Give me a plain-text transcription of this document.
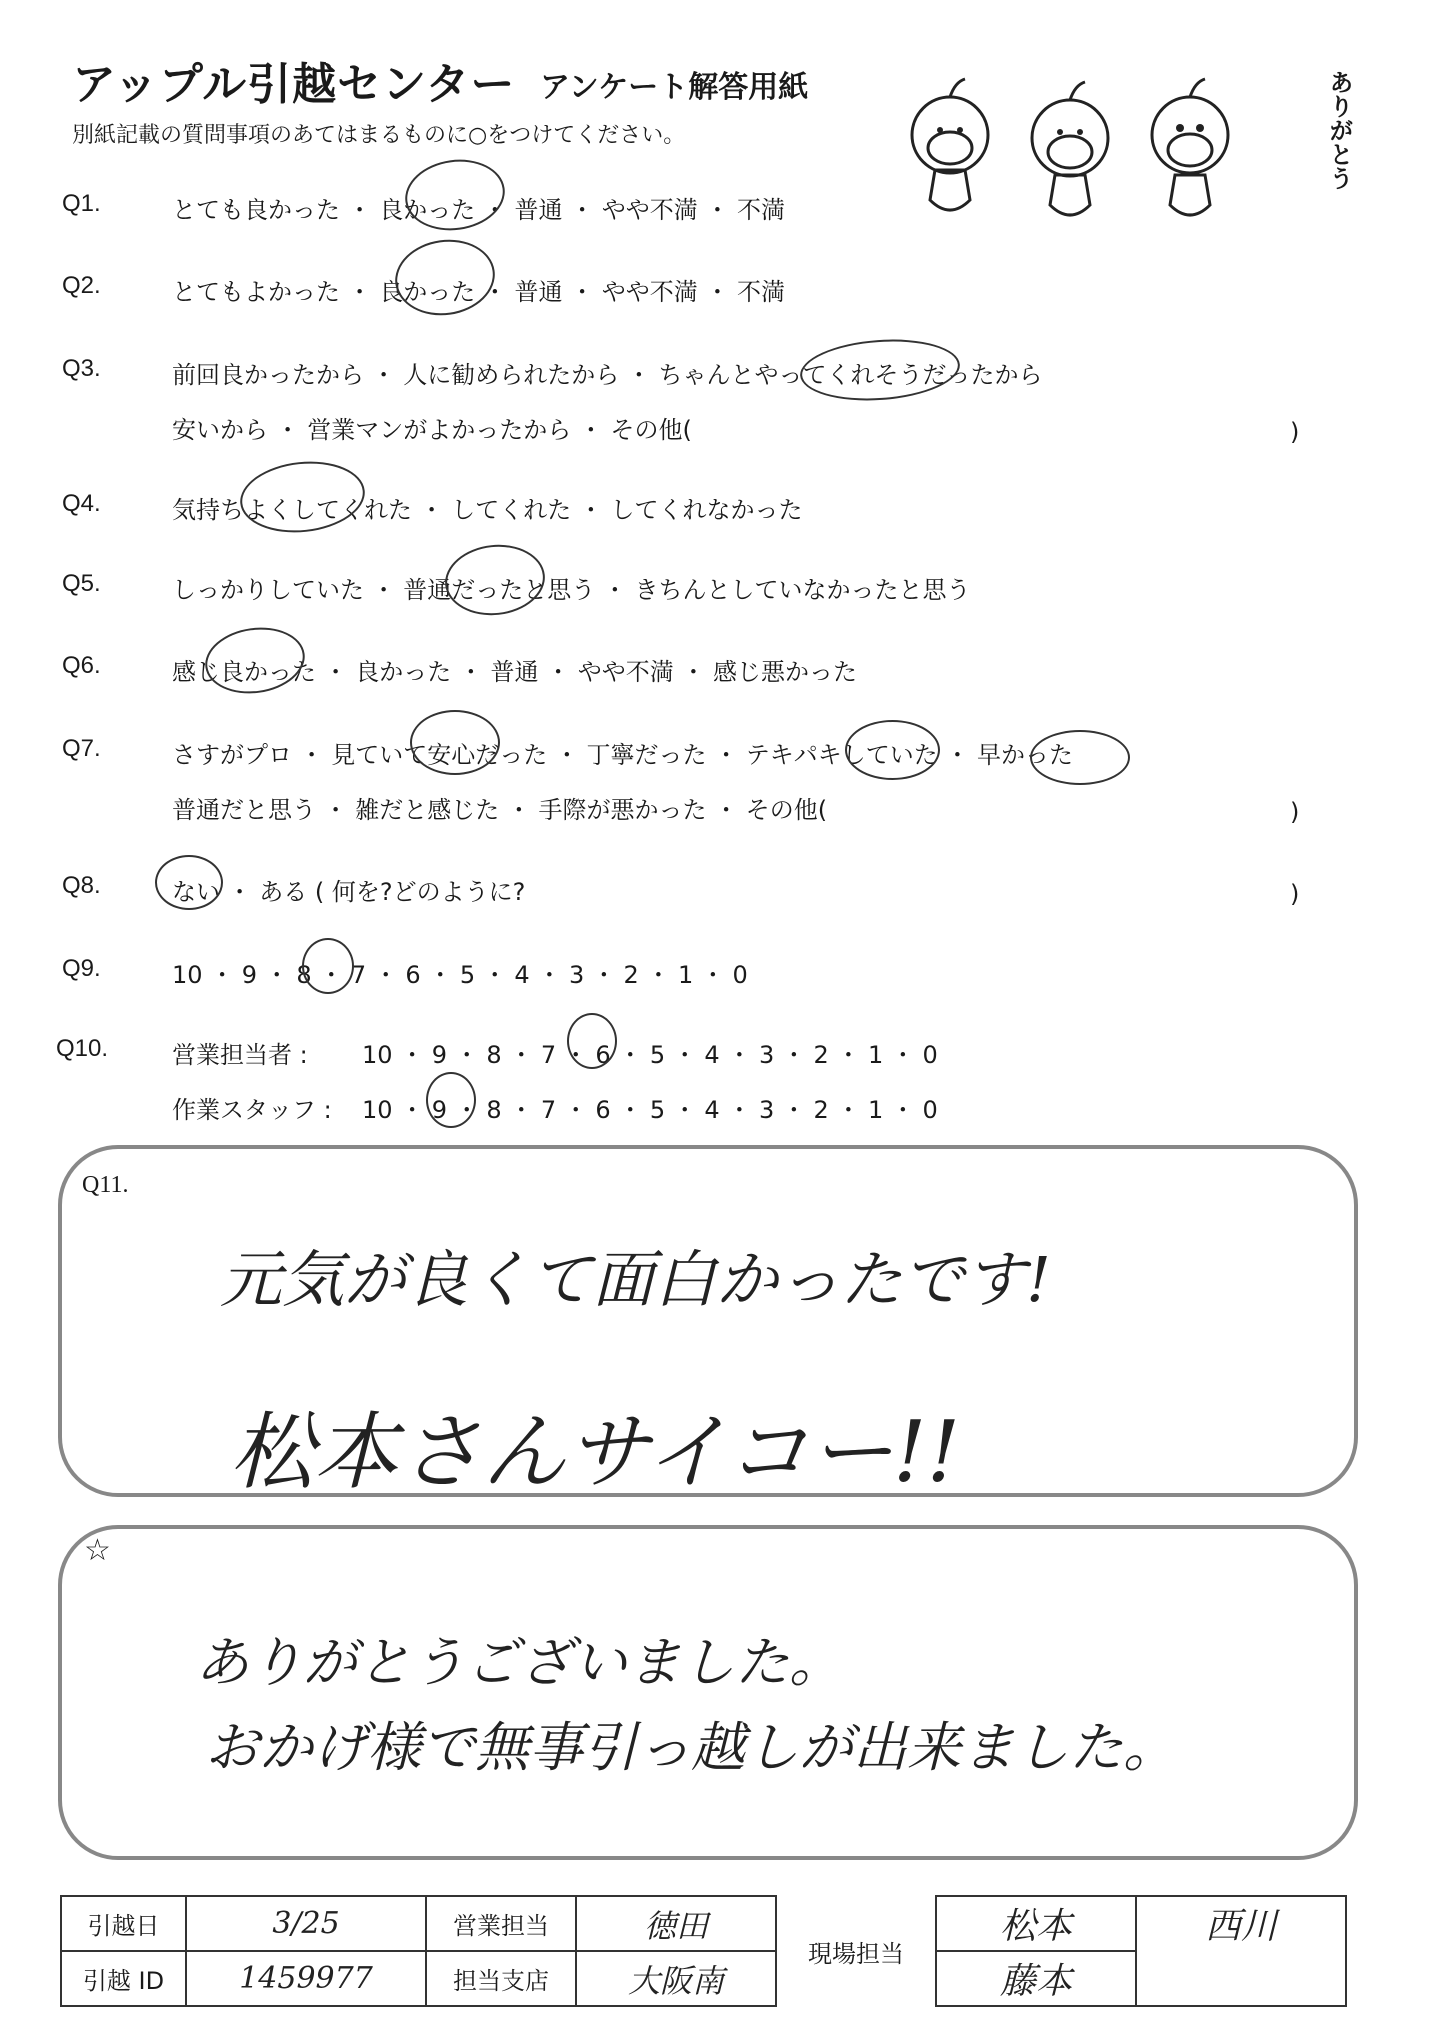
アップル引越センター アンケート解答用紙
別紙記載の質問事項のあてはまるものに○をつけてください。	ありがとう
Q1.	とても良かった ・ 良かった ・ 普通 ・ やや不満 ・ 不満
Q2.	とてもよかった ・ 良かった ・ 普通 ・ やや不満 ・ 不満
Q3.	前回良かったから ・ 人に勧められたから ・ ちゃんとやってくれそうだったから
安いから ・ 営業マンがよかったから ・ その他(	)
Q4.	気持ちよくしてくれた ・ してくれた ・ してくれなかった
Q5.	しっかりしていた ・ 普通だったと思う ・ きちんとしていなかったと思う
Q6.	感じ良かった ・ 良かった ・ 普通 ・ やや不満 ・ 感じ悪かった
Q7.	さすがプロ ・ 見ていて安心だった ・ 丁寧だった ・ テキパキしていた ・ 早かった
普通だと思う ・ 雑だと感じた ・ 手際が悪かった ・ その他(	)
Q8.	ない ・ ある ( 何を?どのように?	)
Q9.	10 ・ 9 ・ 8 ・ 7 ・ 6 ・ 5 ・ 4 ・ 3 ・ 2 ・ 1 ・ 0
Q10.	営業担当者 : 10 ・ 9 ・ 8 ・ 7 ・ 6 ・ 5 ・ 4 ・ 3 ・ 2 ・ 1 ・ 0
作業スタッフ : 10 ・ 9 ・ 8 ・ 7 ・ 6 ・ 5 ・ 4 ・ 3 ・ 2 ・ 1 ・ 0
Q11.
元気が良くて面白かったです!
松本さんサイコー!!
☆
ありがとうございました。
おかげ様で無事引っ越しが出来ました。
引越日	3/25	営業担当	徳田	現場担当	松本	西川
引越 ID	1459977	担当支店	大阪南		藤本	
